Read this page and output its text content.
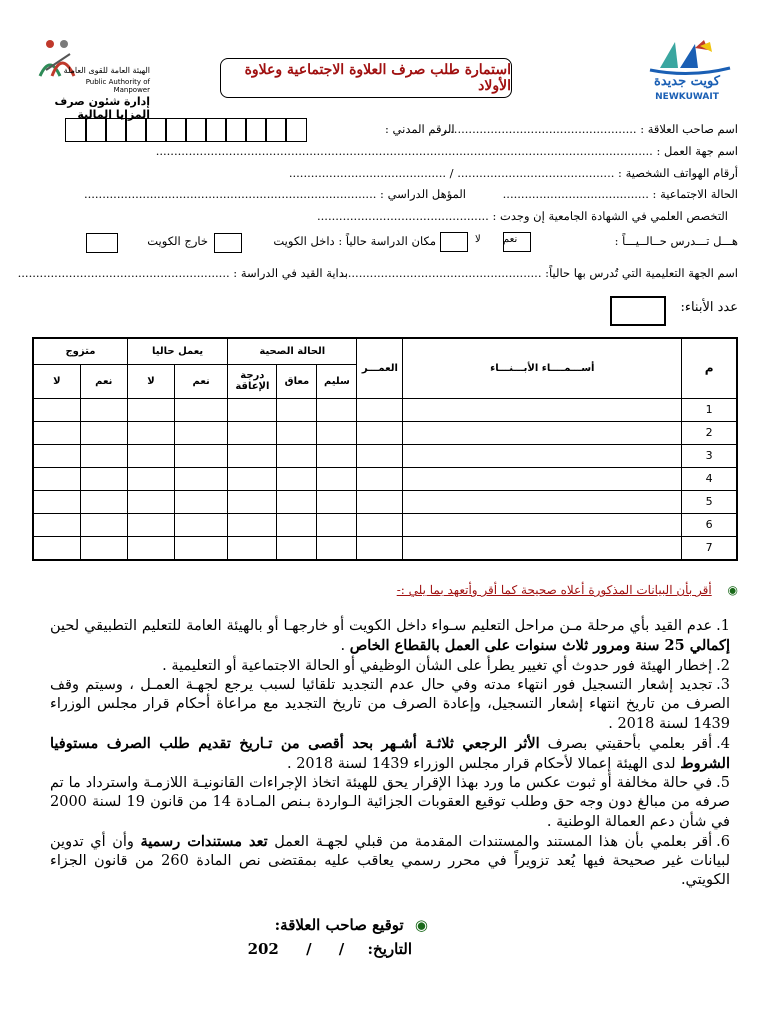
الهيئة العامة للقوى العاملة
Public Authority of Manpower
إدارة شئون صرف المزايا المالية
استمارة طلب صرف العلاوة الاجتماعية وعلاوة الأولاد	كويت جديدة
NEWKUWAIT
اسم صاحب العلاقة : .....................................................
الرقم المدني :
اسم جهة العمل : ........................................................................................................................................
أرقام الهواتف الشخصية : ........................................... / ...........................................
الحالة الاجتماعية : ........................................
المؤهل الدراسي : ................................................................................
التخصص العلمي في الشهادة الجامعية إن وجدت : ...............................................
هـــل تـــدرس حــالــيـــاً :
نعم
لا
مكان الدراسة حالياً : داخل الكويت
خارج الكويت
اسم الجهة التعليمية التي تُدرس بها حالياً: .......................................................
بداية القيد في الدراسة : ..........................................................
عدد الأبناء:
م	أســـمــــاء الأبـــنـــاء	العمـــر	الحالة الصحية			يعمل حاليا		متزوج	
			سليم	معاق	درجة الإعاقة	نعم	لا	نعم	لا
1									
2									
3									
4									
5									
6									
7									
◉ أقر بأن البيانات المذكورة أعلاه صحيحة كما أقر وأتعهد بما يلي :-
1.عدم القيد بأي مرحلة مـن مراحل التعليم سـواء داخل الكويت أو خارجهـا أو بالهيئة العامة للتعليم التطبيقي لحين إكمالي 25 سنة ومرور ثلاث سنوات على العمل بالقطاع الخاص .
2.إخطار الهيئة فور حدوث أي تغيير يطرأ على الشأن الوظيفي أو الحالة الاجتماعية أو التعليمية .
3.تجديد إشعار التسجيل فور انتهاء مدته وفي حال عدم التجديد تلقائيا لسبب يرجع لجهـة العمـل ، وسيتم وقف الصرف من تاريخ انتهاء إشعار التسجيل، وإعادة الصرف من تاريخ التجديد مع مراعاة أحكام قرار مجلس الوزراء 1439 لسنة 2018 .
4.أقر بعلمي بأحقيتي بصرف الأثر الرجعي ثلاثـة أشـهر بحد أقصى من تـاريخ تقديم طلب الصرف مستوفيا الشروط لدى الهيئة إعمالا لأحكام قرار مجلس الوزراء 1439 لسنة 2018 .
5.في حالة مخالفة أو ثبوت عكس ما ورد بهذا الإقرار يحق للهيئة اتخاذ الإجراءات القانونيـة اللازمـة واسترداد ما تم صرفه من مبالغ دون وجه حق وطلب توقيع العقوبات الجزائية الـواردة بـنص المـادة 14 من قانون 19 لسنة 2000 في شأن دعم العمالة الوطنية .
6.أقر بعلمي بأن هذا المستند والمستندات المقدمة من قبلي لجهـة العمل تعد مستندات رسمية وأن أي تدوين لبيانات غير صحيحة فيها يُعد تزويراً في محرر رسمي يعاقب عليه بمقتضى نص المادة 260 من قانون الجزاء الكويتي.
◉ توقيع صاحب العلاقة:
التاريخ: / / 202
